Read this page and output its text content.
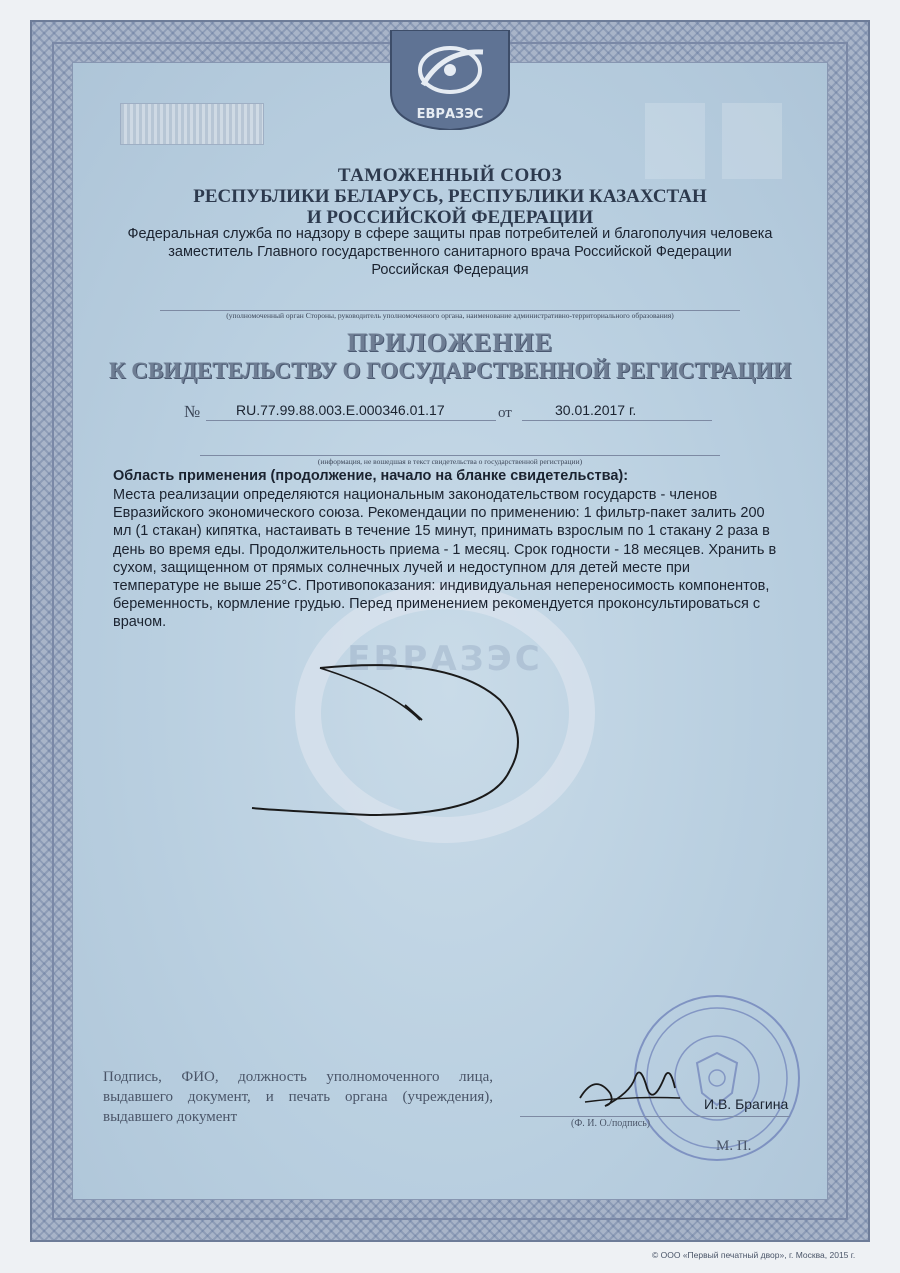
ЕВРАЗЭС
ЕВРАЗЭС
ТАМОЖЕННЫЙ СОЮЗ
РЕСПУБЛИКИ БЕЛАРУСЬ, РЕСПУБЛИКИ КАЗАХСТАН
И РОССИЙСКОЙ ФЕДЕРАЦИИ
Федеральная служба по надзору в сфере защиты прав потребителей и благополучия человека
заместитель Главного государственного санитарного врача Российской Федерации
Российская Федерация
(уполномоченный орган Стороны, руководитель уполномоченного органа, наименование административно-территориального образования)
ПРИЛОЖЕНИЕ
К СВИДЕТЕЛЬСТВУ О ГОСУДАРСТВЕННОЙ РЕГИСТРАЦИИ
№	RU.77.99.88.003.E.000346.01.17	от	30.01.2017 г.
(информация, не вошедшая в текст свидетельства о государственной регистрации)
Область применения (продолжение, начало на бланке свидетельства):
Места реализации определяются национальным законодательством государств - членов
Евразийского экономического союза. Рекомендации по применению: 1 фильтр-пакет залить 200
мл (1 стакан) кипятка, настаивать в течение 15 минут, принимать взрослым по 1 стакану 2 раза в
день во время еды. Продолжительность приема - 1 месяц. Срок годности - 18 месяцев. Хранить в
сухом, защищенном от прямых солнечных лучей и недоступном для детей месте при
температуре не выше 25°С. Противопоказания: индивидуальная непереносимость компонентов,
беременность, кормление грудью. Перед применением рекомендуется проконсультироваться с
врачом.
Подпись, ФИО, должность уполномоченного лица, выдавшего документ, и печать органа (учреждения), выдавшего документ
И.В. Брагина
(Ф. И. О./подпись)
М. П.
© ООО «Первый печатный двор», г. Москва, 2015 г.
